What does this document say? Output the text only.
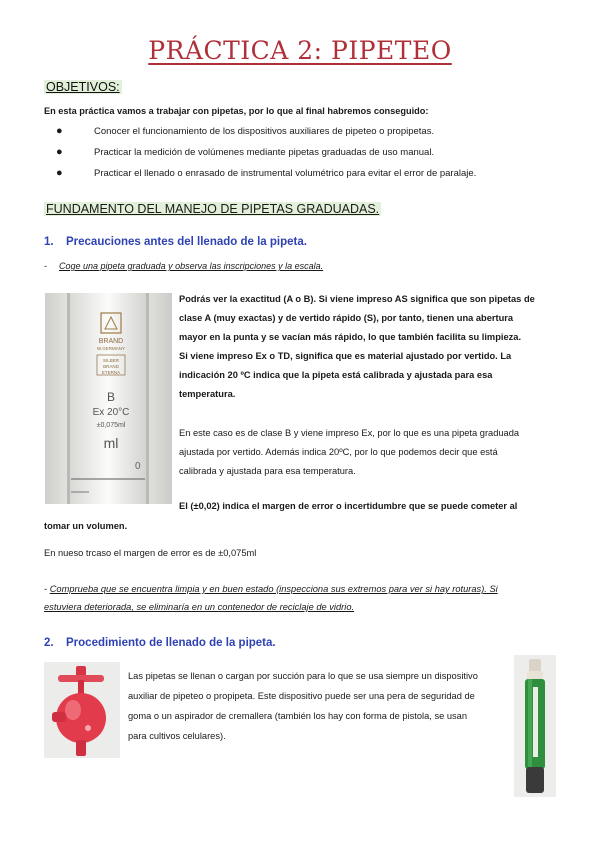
PRÁCTICA 2: PIPETEO
OBJETIVOS:
En esta práctica vamos a trabajar con pipetas, por lo que al final habremos conseguido:
●	Conocer el funcionamiento de los dispositivos auxiliares de pipeteo o propipetas.
●	Practicar la medición de volúmenes mediante pipetas graduadas de uso manual.
●	Practicar el llenado o enrasado de instrumental volumétrico para evitar el error de paralaje.
FUNDAMENTO DEL MANEJO DE PIPETAS GRADUADAS.
1. Precauciones antes del llenado de la pipeta.
- Coge una pipeta graduada y observa las inscripciones y la escala.
BRAND
W.GERMANY
SILBER
BRAND
ETERNA
B
Ex 20°C
±0,075ml
ml
0
Podrás ver la exactitud (A o B). Si viene impreso AS significa que son pipetas de
clase A (muy exactas) y de vertido rápido (S), por tanto, tienen una abertura
mayor en la punta y se vacían más rápido, lo que también facilita su limpieza.
Si viene impreso Ex o TD, significa que es material ajustado por vertido. La
indicación 20 ºC indica que la pipeta está calibrada y ajustada para esa
temperatura.
En este caso es de clase B y viene impreso Ex, por lo que es una pipeta graduada
ajustada por vertido. Además indica 20ºC, por lo que podemos decir que está
calibrada y ajustada para esa temperatura.
El (±0,02) indica el margen de error o incertidumbre que se puede cometer al
tomar un volumen.
En nueso trcaso el margen de error es de ±0,075ml
- Comprueba que se encuentra limpia y en buen estado (inspecciona sus extremos para ver si hay roturas). Si
estuviera deteriorada, se eliminaría en un contenedor de reciclaje de vidrio.
2. Procedimiento de llenado de la pipeta.
Las pipetas se llenan o cargan por succión para lo que se usa siempre un dispositivo
auxiliar de pipeteo o propipeta. Este dispositivo puede ser una pera de seguridad de
goma o un aspirador de cremallera (también los hay con forma de pistola, se usan
para cultivos celulares).
